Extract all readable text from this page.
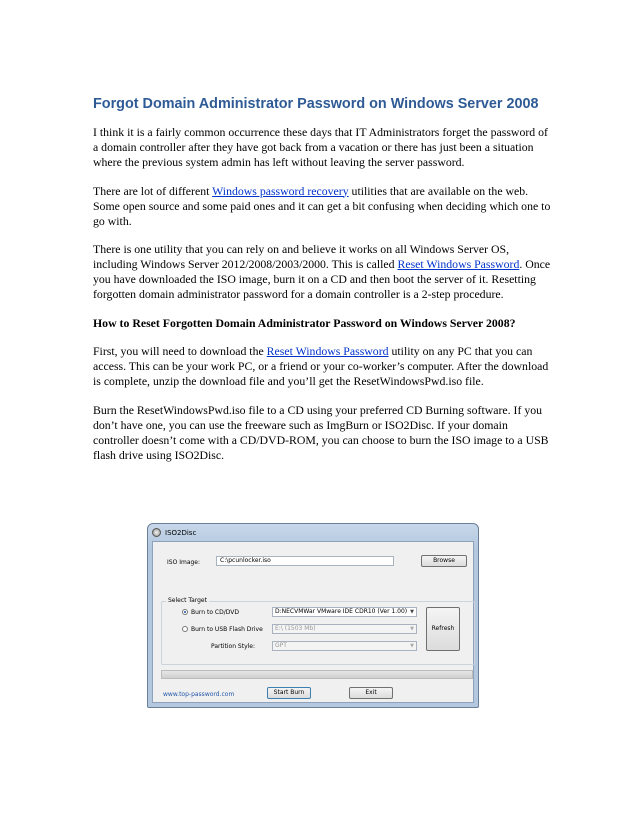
Forgot Domain Administrator Password on Windows Server 2008

I think it is a fairly common occurrence these days that IT Administrators forget the password of a domain controller after they have got back from a vacation or there has just been a situation where the previous system admin has left without leaving the server password.

There are lot of different Windows password recovery utilities that are available on the web. Some open source and some paid ones and it can get a bit confusing when deciding which one to go with.

There is one utility that you can rely on and believe it works on all Windows Server OS, including Windows Server 2012/2008/2003/2000. This is called Reset Windows Password. Once you have downloaded the ISO image, burn it on a CD and then boot the server of it. Resetting forgotten domain administrator password for a domain controller is a 2-step procedure.

How to Reset Forgotten Domain Administrator Password on Windows Server 2008?

First, you will need to download the Reset Windows Password utility on any PC that you can access. This can be your work PC, or a friend or your co-worker’s computer. After the download is complete, unzip the download file and you’ll get the ResetWindowsPwd.iso file.

Burn the ResetWindowsPwd.iso file to a CD using your preferred CD Burning software. If you don’t have one, you can use the freeware such as ImgBurn or ISO2Disc. If your domain controller doesn’t come with a CD/DVD-ROM, you can choose to burn the ISO image to a USB flash drive using ISO2Disc.

ISO2Disc
ISO Image:	C:\pcunlocker.iso	Browse
Select Target
Burn to CD/DVD	D:NECVMWar VMware IDE CDR10 (Ver 1.00) ▼
Burn to USB Flash Drive	E:\ (1503 Mb)	▼
Partition Style:	GPT	▼
Refresh
www.top-password.com	Start Burn	Exit
